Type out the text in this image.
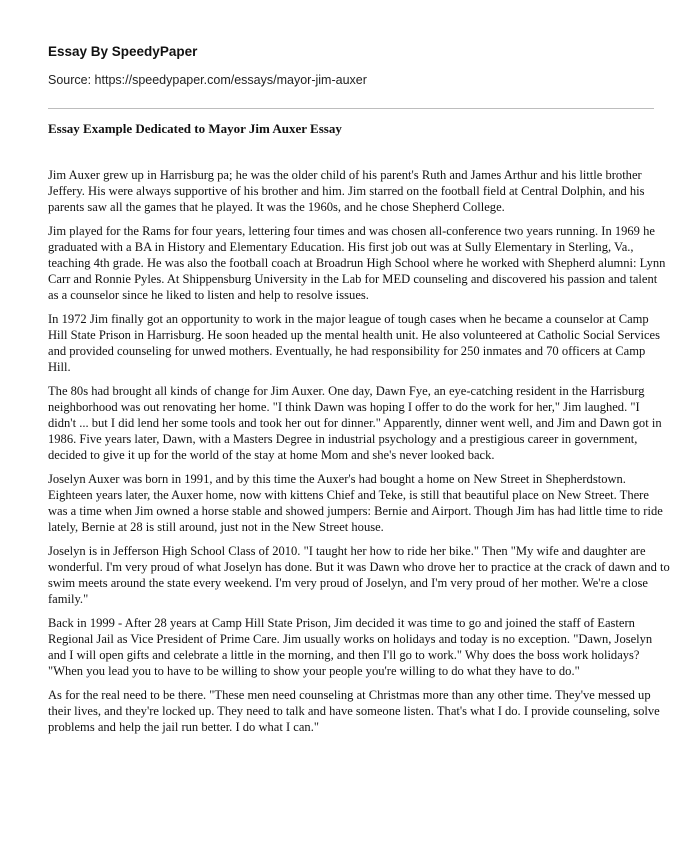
Essay By SpeedyPaper
Source: https://speedypaper.com/essays/mayor-jim-auxer
Essay Example Dedicated to Mayor Jim Auxer Essay

Jim Auxer grew up in Harrisburg pa; he was the older child of his parent's Ruth and James Arthur and his little brother Jeffery. His were always supportive of his brother and him. Jim starred on the football field at Central Dolphin, and his parents saw all the games that he played. It was the 1960s, and he chose Shepherd College.

Jim played for the Rams for four years, lettering four times and was chosen all-conference two years running. In 1969 he graduated with a BA in History and Elementary Education. His first job out was at Sully Elementary in Sterling, Va., teaching 4th grade. He was also the football coach at Broadrun High School where he worked with Shepherd alumni: Lynn Carr and Ronnie Pyles. At Shippensburg University in the Lab for MED counseling and discovered his passion and talent as a counselor since he liked to listen and help to resolve issues.

In 1972 Jim finally got an opportunity to work in the major league of tough cases when he became a counselor at Camp Hill State Prison in Harrisburg. He soon headed up the mental health unit. He also volunteered at Catholic Social Services and provided counseling for unwed mothers. Eventually, he had responsibility for 250 inmates and 70 officers at Camp Hill.

The 80s had brought all kinds of change for Jim Auxer. One day, Dawn Fye, an eye-catching resident in the Harrisburg neighborhood was out renovating her home. "I think Dawn was hoping I offer to do the work for her," Jim laughed. "I didn't ... but I did lend her some tools and took her out for dinner." Apparently, dinner went well, and Jim and Dawn got in 1986. Five years later, Dawn, with a Masters Degree in industrial psychology and a prestigious career in government, decided to give it up for the world of the stay at home Mom and she's never looked back.

Joselyn Auxer was born in 1991, and by this time the Auxer's had bought a home on New Street in Shepherdstown. Eighteen years later, the Auxer home, now with kittens Chief and Teke, is still that beautiful place on New Street. There was a time when Jim owned a horse stable and showed jumpers: Bernie and Airport. Though Jim has had little time to ride lately, Bernie at 28 is still around, just not in the New Street house.

Joselyn is in Jefferson High School Class of 2010. "I taught her how to ride her bike." Then "My wife and daughter are wonderful. I'm very proud of what Joselyn has done. But it was Dawn who drove her to practice at the crack of dawn and to swim meets around the state every weekend. I'm very proud of Joselyn, and I'm very proud of her mother. We're a close family."

Back in 1999 - After 28 years at Camp Hill State Prison, Jim decided it was time to go and joined the staff of Eastern Regional Jail as Vice President of Prime Care. Jim usually works on holidays and today is no exception. "Dawn, Joselyn and I will open gifts and celebrate a little in the morning, and then I'll go to work." Why does the boss work holidays? "When you lead you to have to be willing to show your people you're willing to do what they have to do."

As for the real need to be there. "These men need counseling at Christmas more than any other time. They've messed up their lives, and they're locked up. They need to talk and have someone listen. That's what I do. I provide counseling, solve problems and help the jail run better. I do what I can."
